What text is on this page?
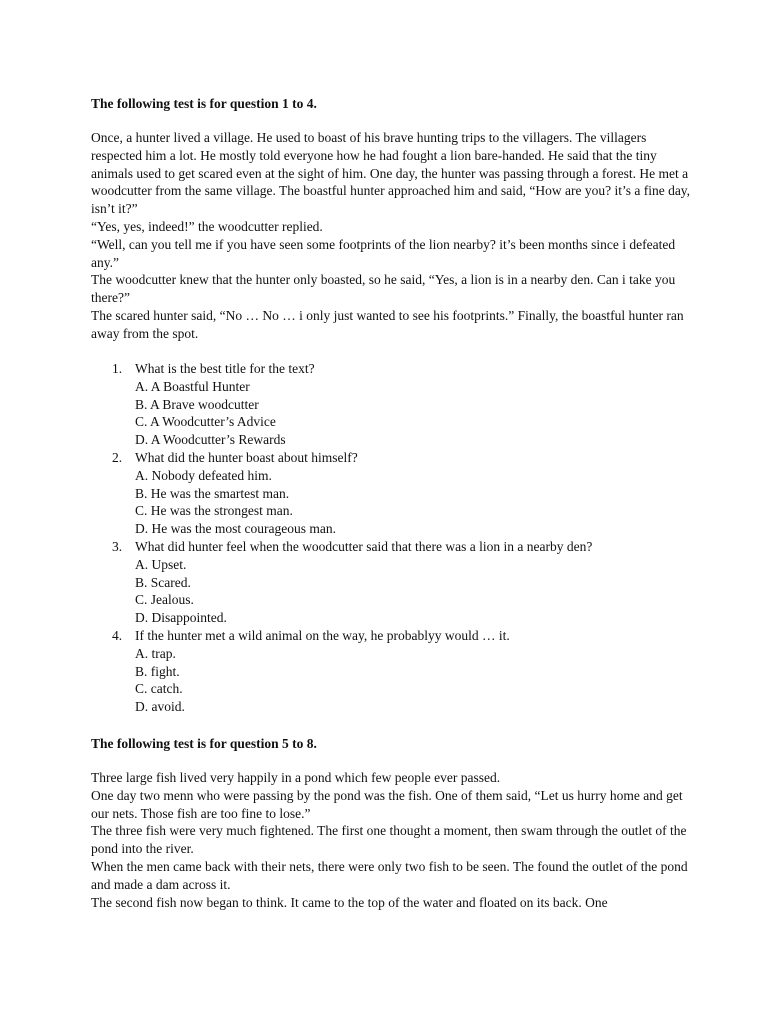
The following test is for question 1 to 4.

Once, a hunter lived a village. He used to boast of his brave hunting trips to the villagers. The villagers respected him a lot. He mostly told everyone how he had fought a lion bare-handed. He said that the tiny animals used to get scared even at the sight of him. One day, the hunter was passing through a forest. He met a woodcutter from the same village. The boastful hunter approached him and said, “How are you? it’s a fine day, isn’t it?”

“Yes, yes, indeed!” the woodcutter replied.

“Well, can you tell me if you have seen some footprints of the lion nearby? it’s been months since i defeated any.”

The woodcutter knew that the hunter only boasted, so he said, “Yes, a lion is in a nearby den. Can i take you there?”

The scared hunter said, “No … No … i only just wanted to see his footprints.” Finally, the boastful hunter ran away from the spot.

1. What is the best title for the text?
A. A Boastful Hunter
B. A Brave woodcutter
C. A Woodcutter’s Advice
D. A Woodcutter’s Rewards
2. What did the hunter boast about himself?
A. Nobody defeated him.
B. He was the smartest man.
C. He was the strongest man.
D. He was the most courageous man.
3. What did hunter feel when the woodcutter said that there was a lion in a nearby den?
A. Upset.
B. Scared.
C. Jealous.
D. Disappointed.
4. If the hunter met a wild animal on the way, he probablyy would … it.
A. trap.
B. fight.
C. catch.
D. avoid.
The following test is for question 5 to 8.

Three large fish lived very happily in a pond which few people ever passed.

One day two menn who were passing by the pond was the fish. One of them said, “Let us hurry home and get our nets. Those fish are too fine to lose.”

The three fish were very much fightened. The first one thought a moment, then swam through the outlet of the pond into the river.

When the men came back with their nets, there were only two fish to be seen. The found the outlet of the pond and made a dam across it.

The second fish now began to think. It came to the top of the water and floated on its back. One
